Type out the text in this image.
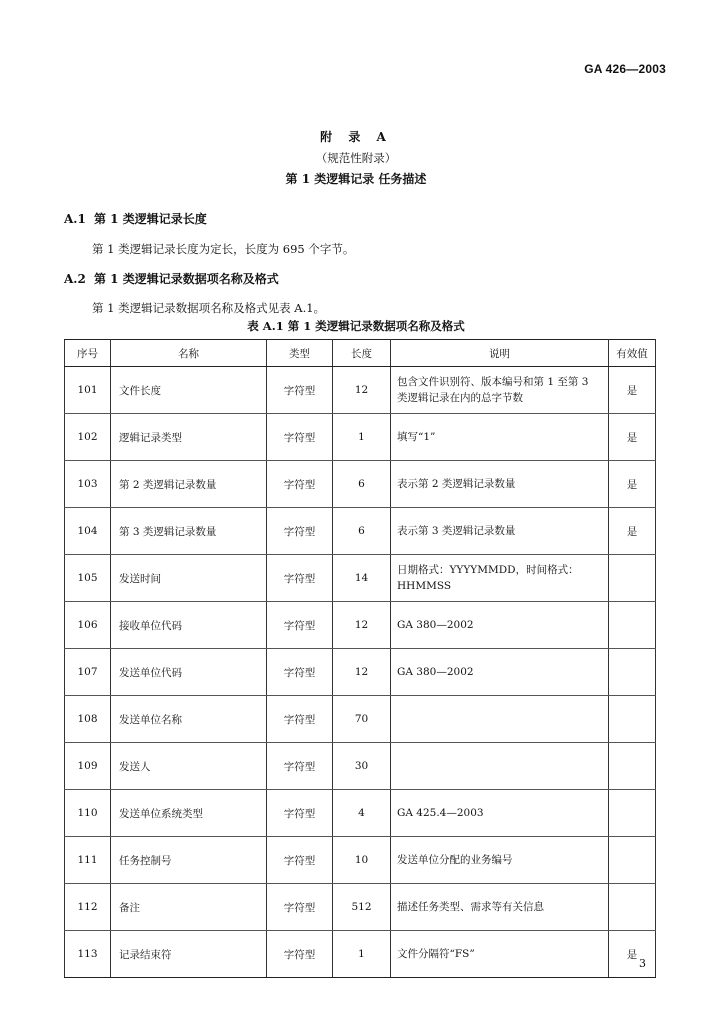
GA 426—2003
附 录 A
（规范性附录）
第 1 类逻辑记录 任务描述
A.1 第 1 类逻辑记录长度
第 1 类逻辑记录长度为定长，长度为 695 个字节。
A.2 第 1 类逻辑记录数据项名称及格式
第 1 类逻辑记录数据项名称及格式见表 A.1。
表 A.1 第 1 类逻辑记录数据项名称及格式
序号	名称	类型	长度	说明	有效值
101	文件长度	字符型	12	包含文件识别符、版本编号和第 1 至第 3 类逻辑记录在内的总字节数	是
102	逻辑记录类型	字符型	1	填写“1”	是
103	第 2 类逻辑记录数量	字符型	6	表示第 2 类逻辑记录数量	是
104	第 3 类逻辑记录数量	字符型	6	表示第 3 类逻辑记录数量	是
105	发送时间	字符型	14	日期格式：YYYYMMDD，时间格式：HHMMSS	
106	接收单位代码	字符型	12	GA 380—2002	
107	发送单位代码	字符型	12	GA 380—2002	
108	发送单位名称	字符型	70		
109	发送人	字符型	30		
110	发送单位系统类型	字符型	4	GA 425.4—2003	
111	任务控制号	字符型	10	发送单位分配的业务编号	
112	备注	字符型	512	描述任务类型、需求等有关信息	
113	记录结束符	字符型	1	文件分隔符“FS”	是
3
